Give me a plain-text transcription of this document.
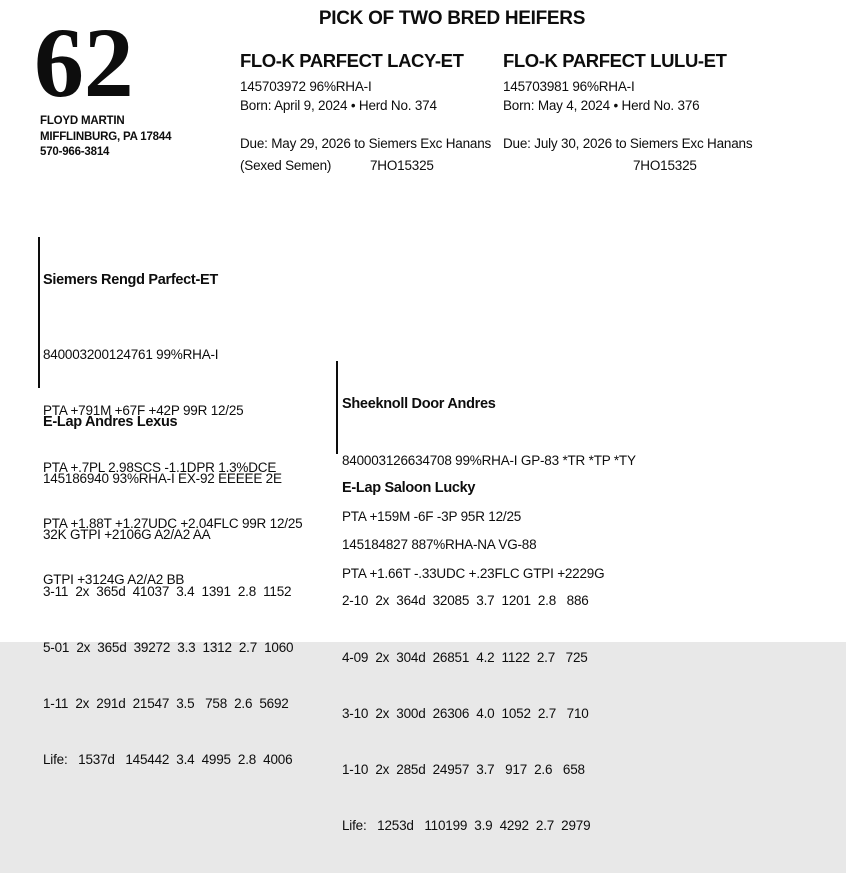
PICK OF TWO BRED HEIFERS
62
FLOYD MARTIN
MIFFLINBURG, PA 17844
570-966-3814
FLO-K PARFECT LACY-ET
145703972 96%RHA-I
Born: April 9, 2024 • Herd No. 374
FLO-K PARFECT LULU-ET
145703981 96%RHA-I
Born: May 4, 2024 • Herd No. 376
Due: May 29, 2026 to Siemers Exc Hanans
(Sexed Semen)	7HO15325
Due: July 30, 2026 to Siemers Exc Hanans
7HO15325

Siemers Rengd Parfect-ET

840003200124761 99%RHA-I

PTA +791M +67F +42P 99R 12/25

PTA +.7PL 2.98SCS -1.1DPR 1.3%DCE

PTA +1.88T +1.27UDC +2.04FLC 99R 12/25

GTPI +3124G A2/A2 BB

E-Lap Andres Lexus

145186940 93%RHA-I EX-92 EEEEE 2E

32K GTPI +2106G A2/A2 AA

3-11  2x  365d  41037  3.4  1391  2.8  1152

5-01  2x  365d  39272  3.3  1312  2.7  1060

1-11  2x  291d  21547  3.5   758  2.6  5692

Life:   1537d   145442  3.4  4995  2.8  4006

Sheeknoll Door Andres

840003126634708 99%RHA-I GP-83 *TR *TP *TY

PTA +159M -6F -3P 95R 12/25

PTA +1.66T -.33UDC +.23FLC GTPI +2229G

E-Lap Saloon Lucky

145184827 887%RHA-NA VG-88

2-10  2x  364d  32085  3.7  1201  2.8   886

4-09  2x  304d  26851  4.2  1122  2.7   725

3-10  2x  300d  26306  4.0  1052  2.7   710

1-10  2x  285d  24957  3.7   917  2.6   658

Life:   1253d   110199  3.9  4292  2.7  2979
